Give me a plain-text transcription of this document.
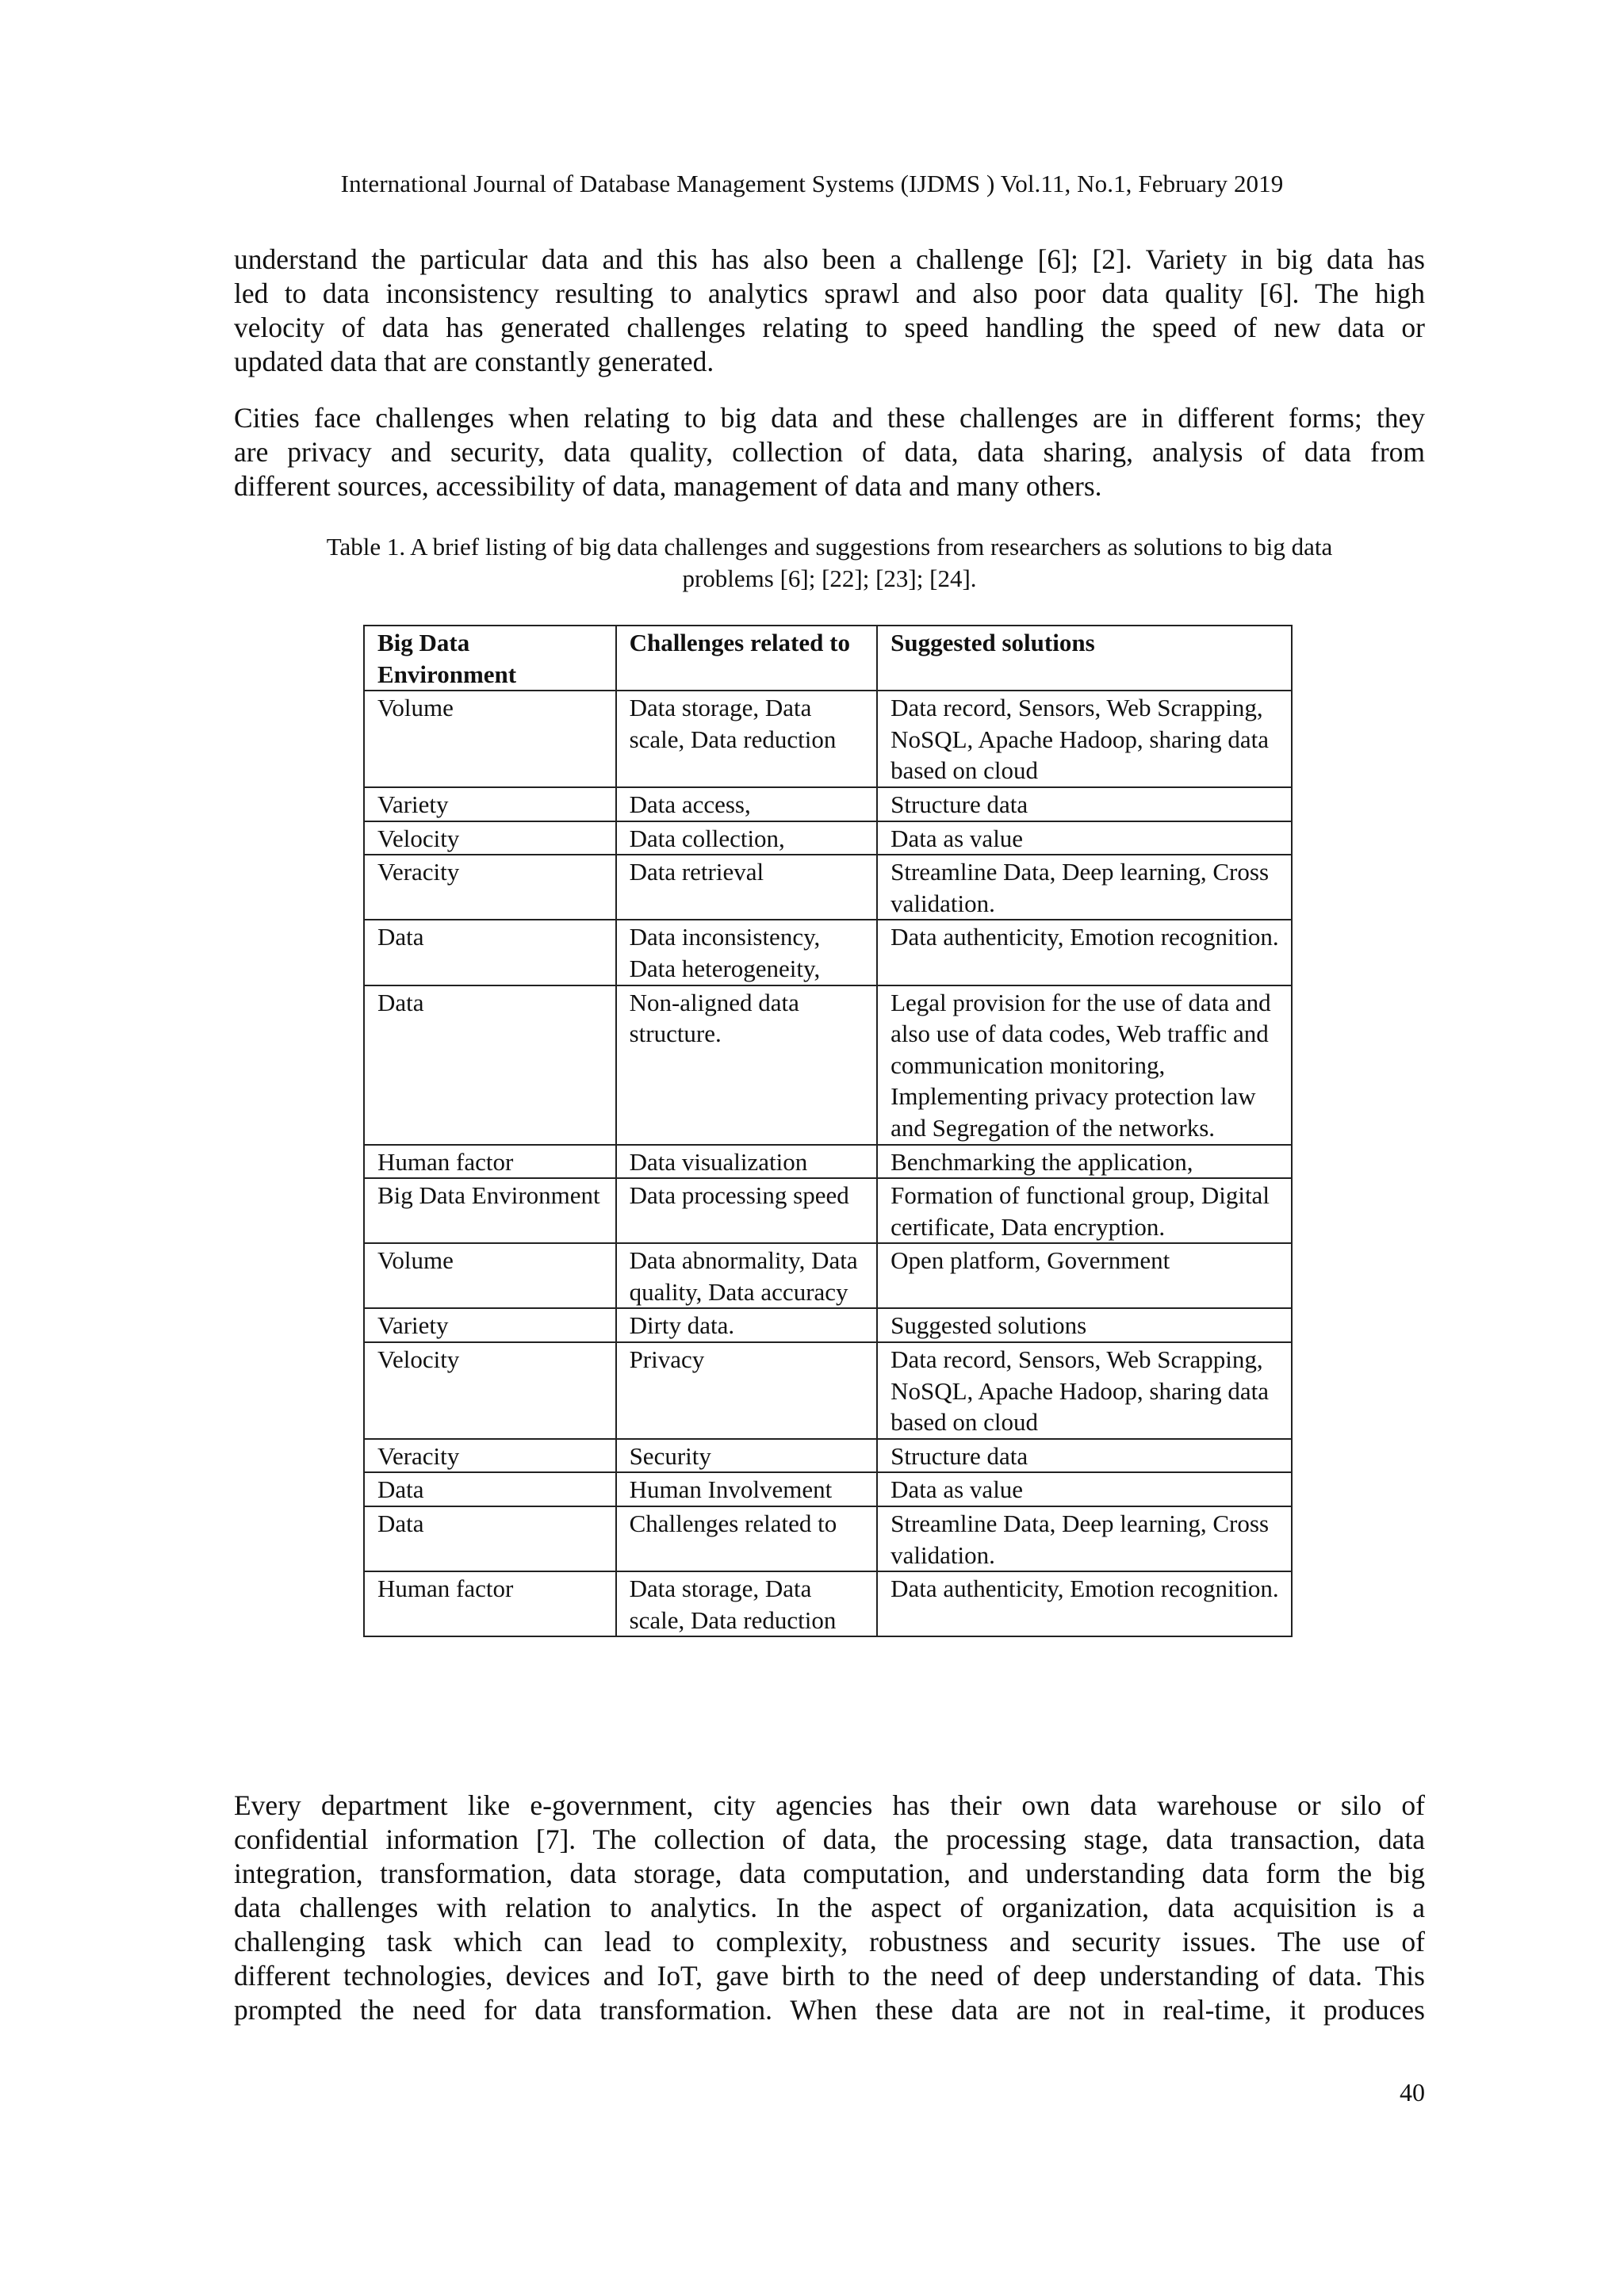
International Journal of Database Management Systems (IJDMS ) Vol.11, No.1, February 2019
understand the particular data and this has also been a challenge [6]; [2]. Variety in big data has
led to data inconsistency resulting to analytics sprawl and also poor data quality [6]. The high
velocity of data has generated challenges relating to speed handling the speed of new data or
updated data that are constantly generated.
Cities face challenges when relating to big data and these challenges are in different forms; they
are privacy and security, data quality, collection of data, data sharing, analysis of data from
different sources, accessibility of data, management of data and many others.
Table 1. A brief listing of big data challenges and suggestions from researchers as solutions to big data
problems [6]; [22]; [23]; [24].
Big Data Environment	Challenges related to	Suggested solutions
Volume	Data storage, Data scale, Data reduction	Data record, Sensors, Web Scrapping, NoSQL, Apache Hadoop, sharing data based on cloud
Variety	Data access,	Structure data
Velocity	Data collection,	Data as value
Veracity	Data retrieval	Streamline Data, Deep learning, Cross validation.
Data	Data inconsistency, Data heterogeneity,	Data authenticity, Emotion recognition.
Data	Non-aligned data structure.	Legal provision for the use of data and also use of data codes, Web traffic and communication monitoring, Implementing privacy protection law and Segregation of the networks.
Human factor	Data visualization	Benchmarking the application,
Big Data Environment	Data processing speed	Formation of functional group, Digital certificate, Data encryption.
Volume	Data abnormality, Data quality, Data accuracy	Open platform, Government
Variety	Dirty data.	Suggested solutions
Velocity	Privacy	Data record, Sensors, Web Scrapping, NoSQL, Apache Hadoop, sharing data based on cloud
Veracity	Security	Structure data
Data	Human Involvement	Data as value
Data	Challenges related to	Streamline Data, Deep learning, Cross validation.
Human factor	Data storage, Data scale, Data reduction	Data authenticity, Emotion recognition.
Every department like e-government, city agencies has their own data warehouse or silo of
confidential information [7]. The collection of data, the processing stage, data transaction, data
integration, transformation, data storage, data computation, and understanding data form the big
data challenges with relation to analytics. In the aspect of organization, data acquisition is a
challenging task which can lead to complexity, robustness and security issues. The use of
different technologies, devices and IoT, gave birth to the need of deep understanding of data. This
prompted the need for data transformation. When these data are not in real-time, it produces
40
